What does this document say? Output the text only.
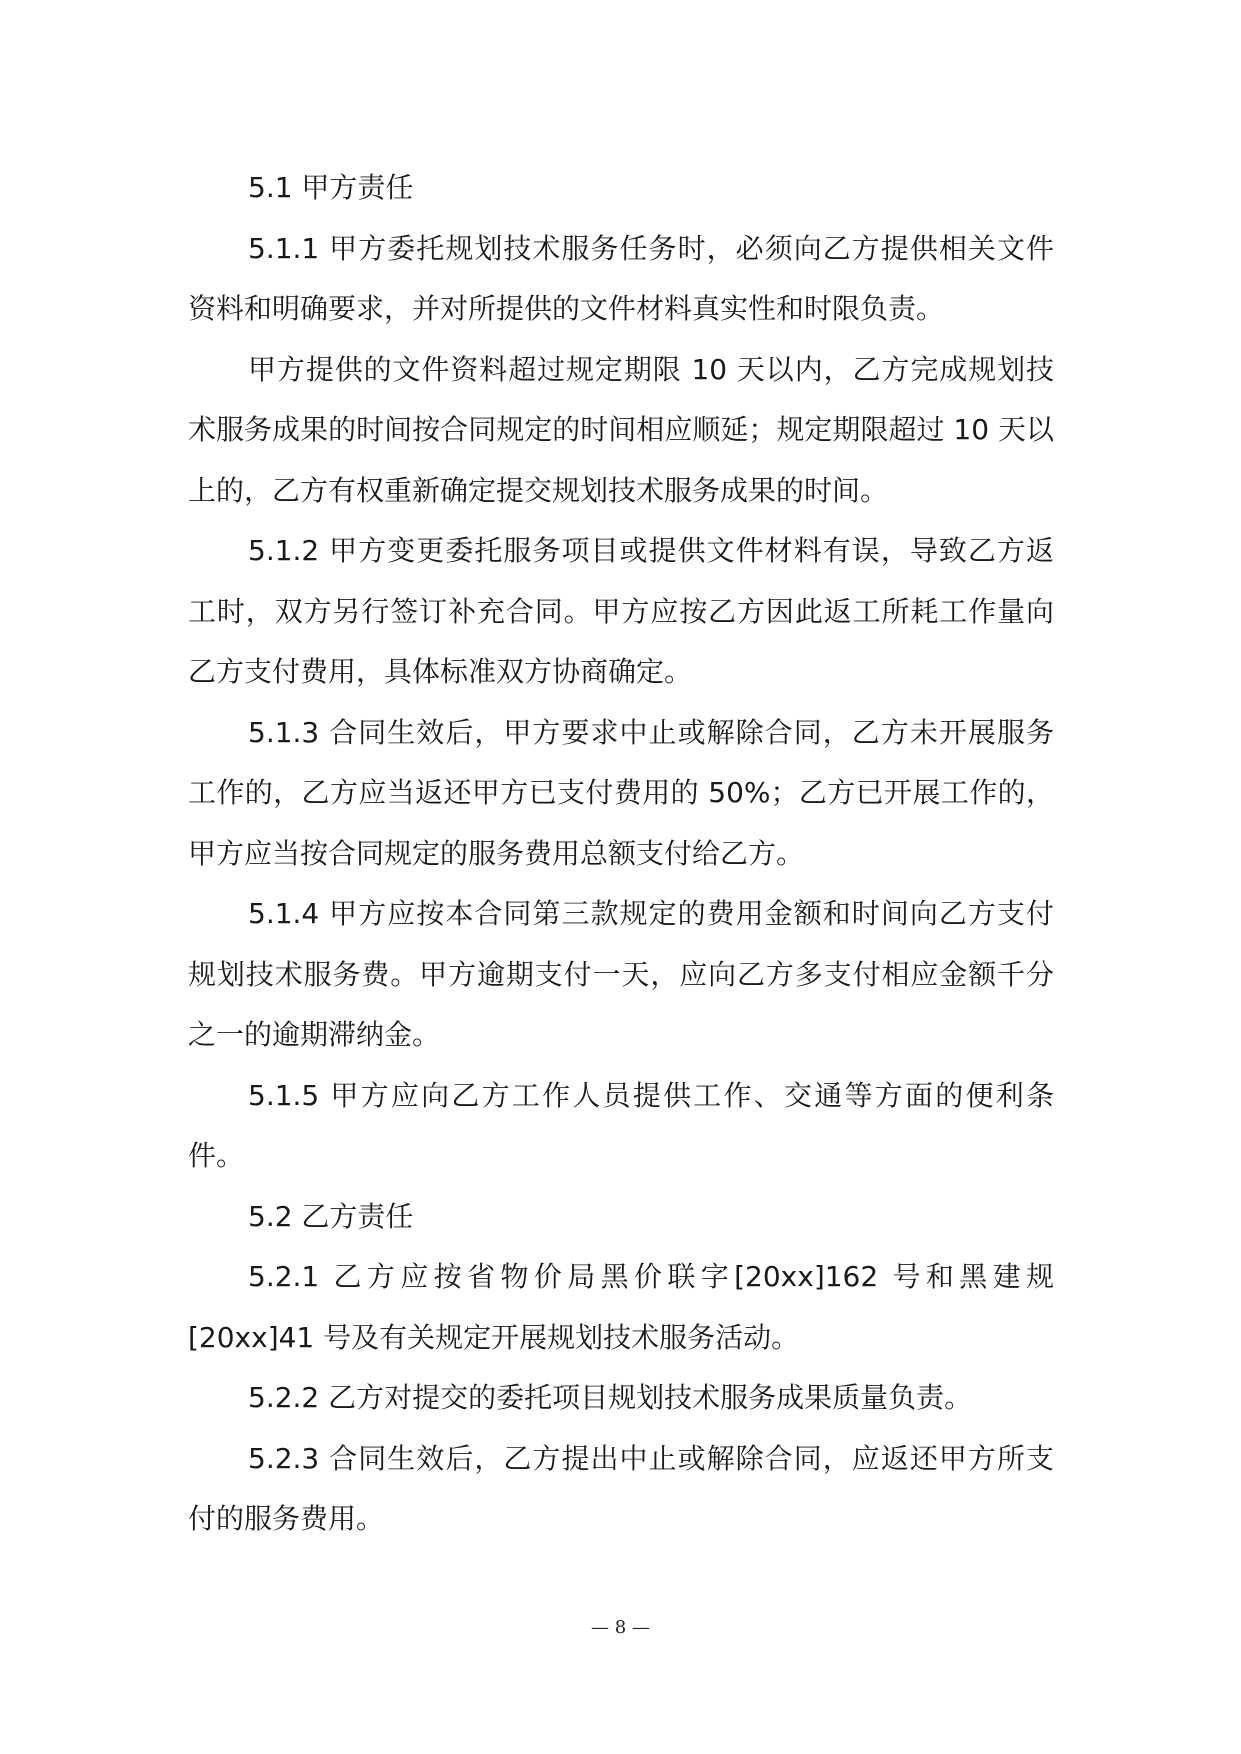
5.1 甲方责任

5.1.1 甲方委托规划技术服务任务时，必须向乙方提供相关文件资料和明确要求，并对所提供的文件材料真实性和时限负责。

甲方提供的文件资料超过规定期限 10 天以内，乙方完成规划技术服务成果的时间按合同规定的时间相应顺延；规定期限超过 10 天以上的，乙方有权重新确定提交规划技术服务成果的时间。

5.1.2 甲方变更委托服务项目或提供文件材料有误，导致乙方返工时，双方另行签订补充合同。甲方应按乙方因此返工所耗工作量向乙方支付费用，具体标准双方协商确定。

5.1.3 合同生效后，甲方要求中止或解除合同，乙方未开展服务工作的，乙方应当返还甲方已支付费用的 50%；乙方已开展工作的，甲方应当按合同规定的服务费用总额支付给乙方。

5.1.4 甲方应按本合同第三款规定的费用金额和时间向乙方支付规划技术服务费。甲方逾期支付一天，应向乙方多支付相应金额千分之一的逾期滞纳金。

5.1.5 甲方应向乙方工作人员提供工作、交通等方面的便利条件。

5.2 乙方责任

5.2.1 乙方应按省物价局黑价联字[20xx]162 号和黑建规[20xx]41 号及有关规定开展规划技术服务活动。

5.2.2 乙方对提交的委托项目规划技术服务成果质量负责。

5.2.3 合同生效后，乙方提出中止或解除合同，应返还甲方所支付的服务费用。

— 8 —
